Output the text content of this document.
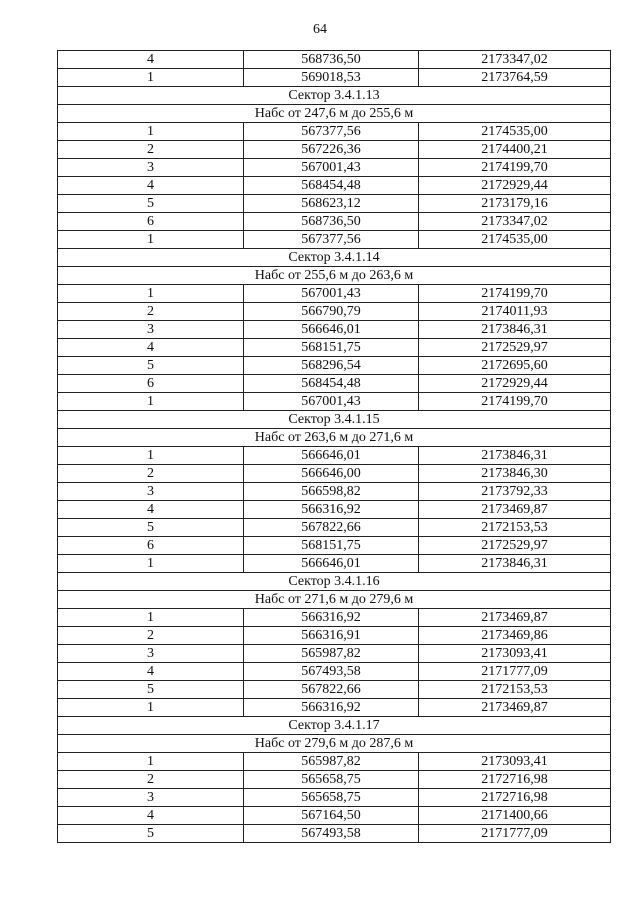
64
4	568736,50	2173347,02
1	569018,53	2173764,59
Сектор 3.4.1.13		
Набс от 247,6 м до 255,6 м		
1	567377,56	2174535,00
2	567226,36	2174400,21
3	567001,43	2174199,70
4	568454,48	2172929,44
5	568623,12	2173179,16
6	568736,50	2173347,02
1	567377,56	2174535,00
Сектор 3.4.1.14		
Набс от 255,6 м до 263,6 м		
1	567001,43	2174199,70
2	566790,79	2174011,93
3	566646,01	2173846,31
4	568151,75	2172529,97
5	568296,54	2172695,60
6	568454,48	2172929,44
1	567001,43	2174199,70
Сектор 3.4.1.15		
Набс от 263,6 м до 271,6 м		
1	566646,01	2173846,31
2	566646,00	2173846,30
3	566598,82	2173792,33
4	566316,92	2173469,87
5	567822,66	2172153,53
6	568151,75	2172529,97
1	566646,01	2173846,31
Сектор 3.4.1.16		
Набс от 271,6 м до 279,6 м		
1	566316,92	2173469,87
2	566316,91	2173469,86
3	565987,82	2173093,41
4	567493,58	2171777,09
5	567822,66	2172153,53
1	566316,92	2173469,87
Сектор 3.4.1.17		
Набс от 279,6 м до 287,6 м		
1	565987,82	2173093,41
2	565658,75	2172716,98
3	565658,75	2172716,98
4	567164,50	2171400,66
5	567493,58	2171777,09
